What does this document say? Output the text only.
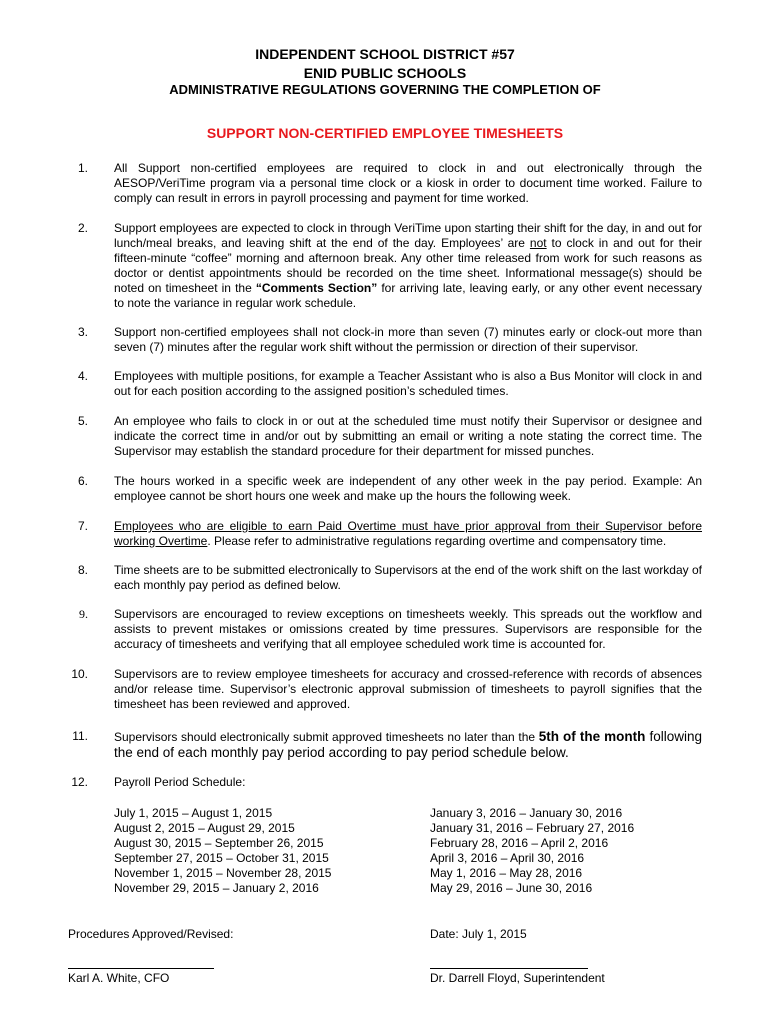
INDEPENDENT SCHOOL DISTRICT #57
ENID PUBLIC SCHOOLS
ADMINISTRATIVE REGULATIONS GOVERNING THE COMPLETION OF
SUPPORT NON-CERTIFIED EMPLOYEE TIMESHEETS
1. All Support non-certified employees are required to clock in and out electronically through the AESOP/VeriTime program via a personal time clock or a kiosk in order to document time worked. Failure to comply can result in errors in payroll processing and payment for time worked.
2. Support employees are expected to clock in through VeriTime upon starting their shift for the day, in and out for lunch/meal breaks, and leaving shift at the end of the day. Employees’ are not to clock in and out for their fifteen-minute “coffee” morning and afternoon break. Any other time released from work for such reasons as doctor or dentist appointments should be recorded on the time sheet. Informational message(s) should be noted on timesheet in the “Comments Section” for arriving late, leaving early, or any other event necessary to note the variance in regular work schedule.
3. Support non-certified employees shall not clock-in more than seven (7) minutes early or clock-out more than seven (7) minutes after the regular work shift without the permission or direction of their supervisor.
4. Employees with multiple positions, for example a Teacher Assistant who is also a Bus Monitor will clock in and out for each position according to the assigned position’s scheduled times.
5. An employee who fails to clock in or out at the scheduled time must notify their Supervisor or designee and indicate the correct time in and/or out by submitting an email or writing a note stating the correct time. The Supervisor may establish the standard procedure for their department for missed punches.
6. The hours worked in a specific week are independent of any other week in the pay period. Example: An employee cannot be short hours one week and make up the hours the following week.
7. Employees who are eligible to earn Paid Overtime must have prior approval from their Supervisor before working Overtime. Please refer to administrative regulations regarding overtime and compensatory time.
8. Time sheets are to be submitted electronically to Supervisors at the end of the work shift on the last workday of each monthly pay period as defined below.
9. Supervisors are encouraged to review exceptions on timesheets weekly. This spreads out the workflow and assists to prevent mistakes or omissions created by time pressures. Supervisors are responsible for the accuracy of timesheets and verifying that all employee scheduled work time is accounted for.
10. Supervisors are to review employee timesheets for accuracy and crossed-reference with records of absences and/or release time. Supervisor’s electronic approval submission of timesheets to payroll signifies that the timesheet has been reviewed and approved.
11. Supervisors should electronically submit approved timesheets no later than the 5th of the month following the end of each monthly pay period according to pay period schedule below.
12. Payroll Period Schedule:
July 1, 2015 – August 1, 2015
August 2, 2015 – August 29, 2015
August 30, 2015 – September 26, 2015
September 27, 2015 – October 31, 2015
November 1, 2015 – November 28, 2015
November 29, 2015 – January 2, 2016
January 3, 2016 – January 30, 2016
January 31, 2016 – February 27, 2016
February 28, 2016 – April 2, 2016
April 3, 2016 – April 30, 2016
May 1, 2016 – May 28, 2016
May 29, 2016 – June 30, 2016
Procedures Approved/Revised:	Date: July 1, 2015
Karl A. White, CFO	Dr. Darrell Floyd, Superintendent
